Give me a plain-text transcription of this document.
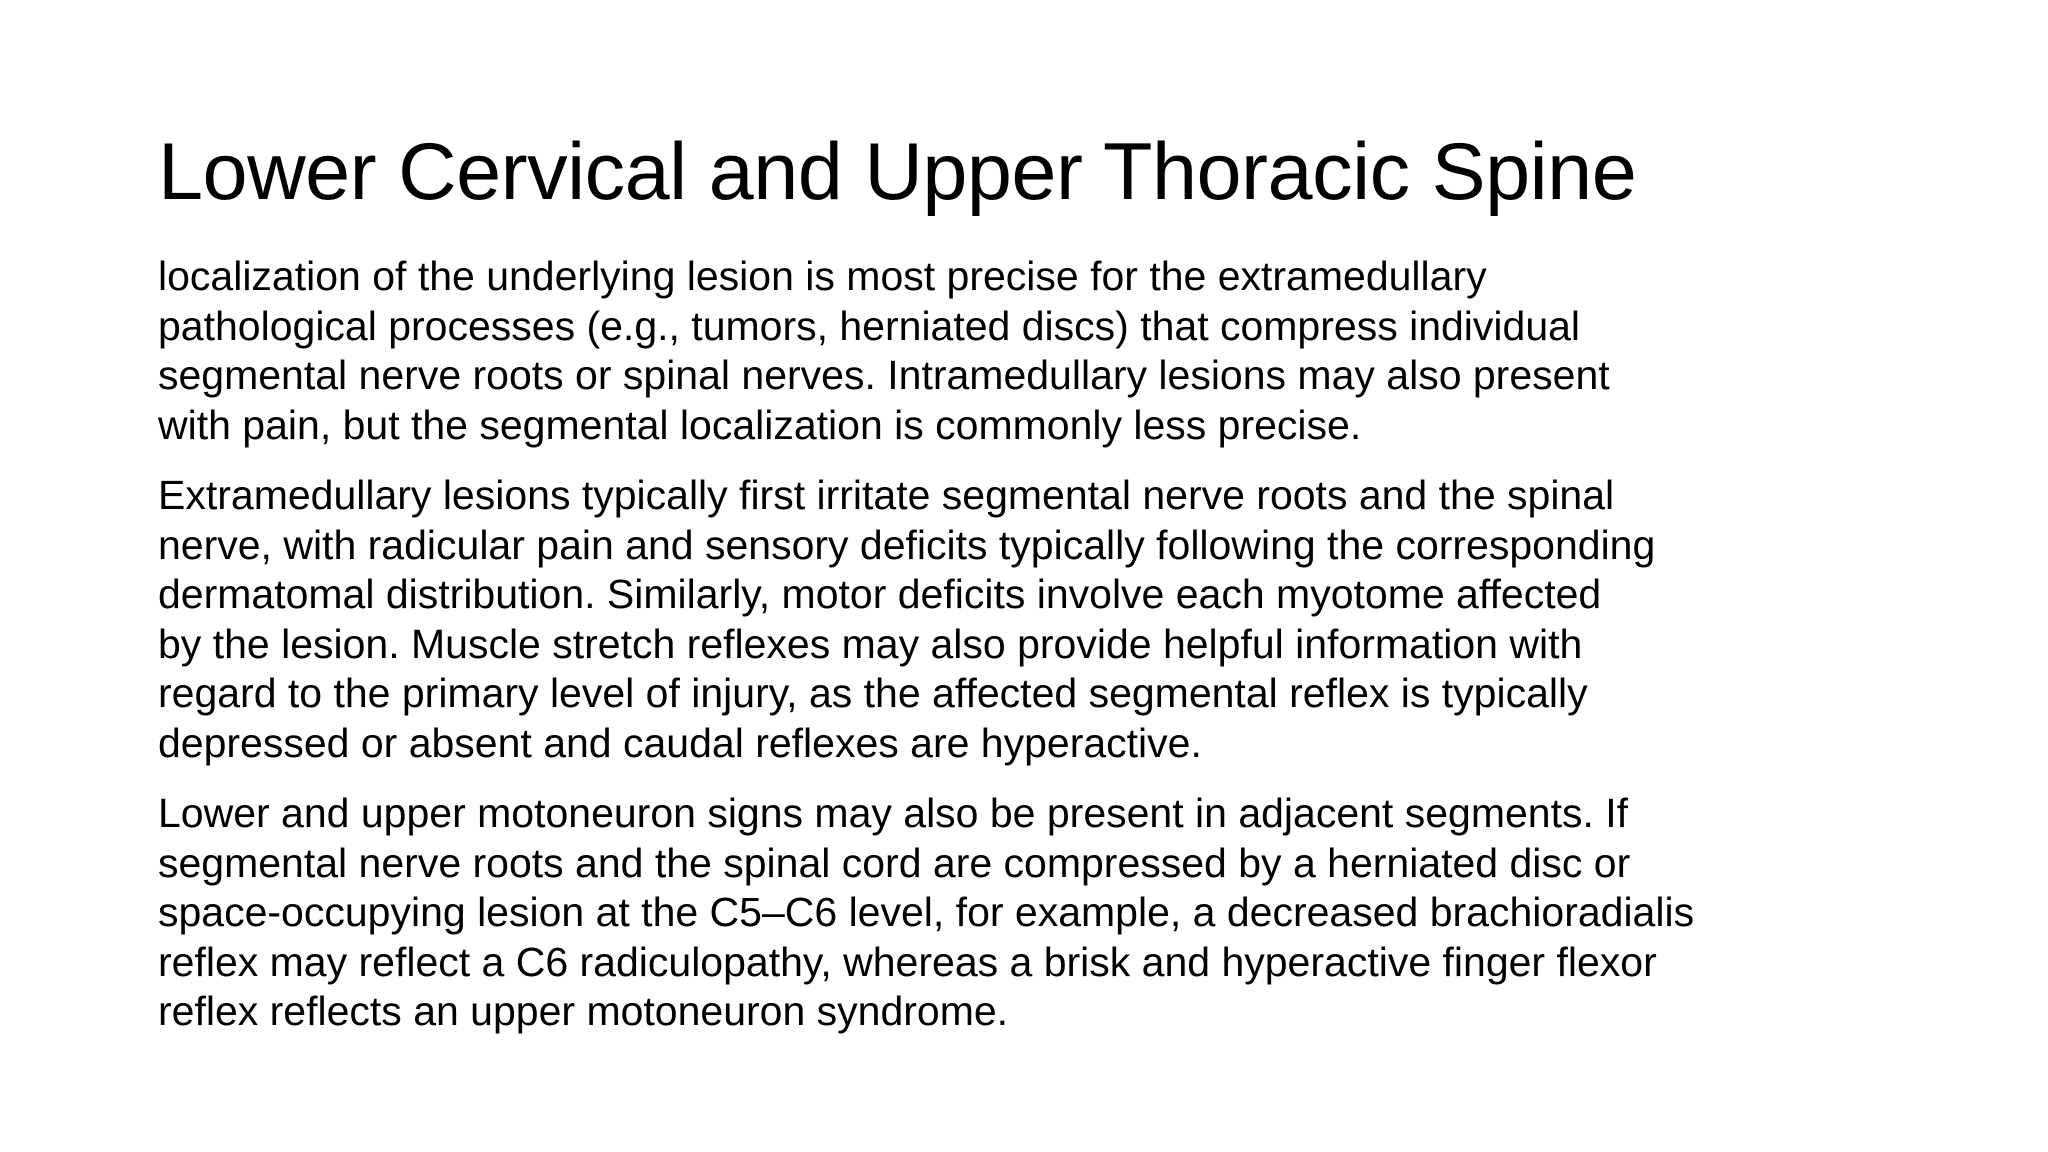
Lower Cervical and Upper Thoracic Spine

localization of the underlying lesion is most precise for the extramedullary
pathological processes (e.g., tumors, herniated discs) that compress individual
segmental nerve roots or spinal nerves. Intramedullary lesions may also present
with pain, but the segmental localization is commonly less precise.

Extramedullary lesions typically first irritate segmental nerve roots and the spinal
nerve, with radicular pain and sensory deficits typically following the corresponding
dermatomal distribution. Similarly, motor deficits involve each myotome affected
by the lesion. Muscle stretch reflexes may also provide helpful information with
regard to the primary level of injury, as the affected segmental reflex is typically
depressed or absent and caudal reflexes are hyperactive.

Lower and upper motoneuron signs may also be present in adjacent segments. If
segmental nerve roots and the spinal cord are compressed by a herniated disc or
space-occupying lesion at the C5–C6 level, for example, a decreased brachioradialis
reflex may reflect a C6 radiculopathy, whereas a brisk and hyperactive finger flexor
reflex reflects an upper motoneuron syndrome.
